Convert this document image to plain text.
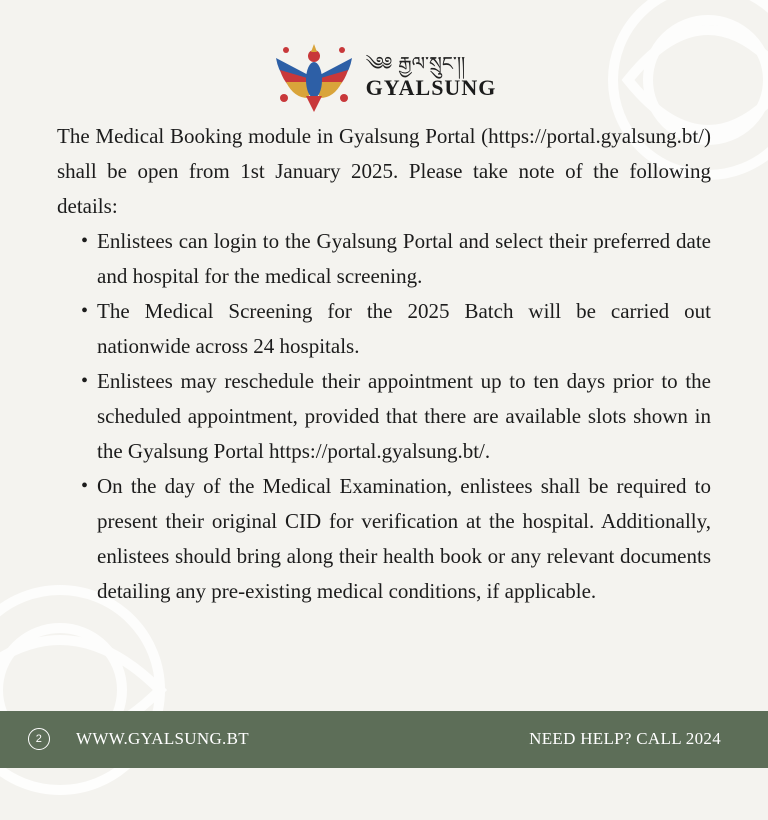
༄༅ རྒྱལ་སྲུང་།།
GYALSUNG

The Medical Booking module in Gyalsung Portal (https://portal.gyalsung.bt/) shall be open from 1st January 2025. Please take note of the following details:

• Enlistees can login to the Gyalsung Portal and select their preferred date and hospital for the medical screening.
• The Medical Screening for the 2025 Batch will be carried out nationwide across 24 hospitals.
• Enlistees may reschedule their appointment up to ten days prior to the scheduled appointment, provided that there are available slots shown in the Gyalsung Portal https://portal.gyalsung.bt/.
• On the day of the Medical Examination, enlistees shall be required to present their original CID for verification at the hospital. Additionally, enlistees should bring along their health book or any relevant documents detailing any pre-existing medical conditions, if applicable.
2	WWW.GYALSUNG.BT	NEED HELP? CALL 2024
